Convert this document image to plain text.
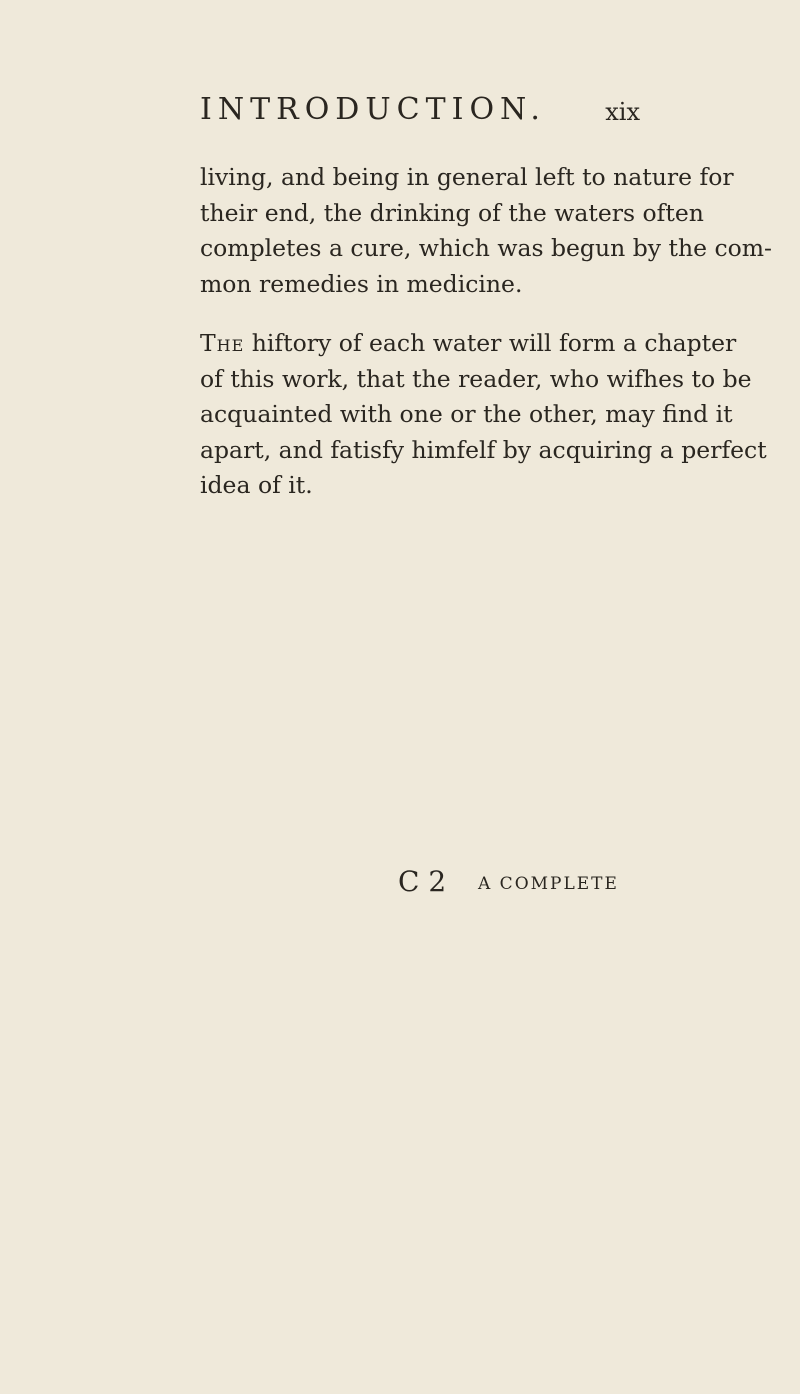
INTRODUCTION. xix
living, and being in general left to nature for
their end, the drinking of the waters often
completes a cure, which was begun by the com-
mon remedies in medicine.
The hiftory of each water will form a chapter
of this work, that the reader, who wifhes to be
acquainted with one or the other, may find it
apart, and fatisfy himfelf by acquiring a perfect
idea of it.
C 2 A COMPLETE
